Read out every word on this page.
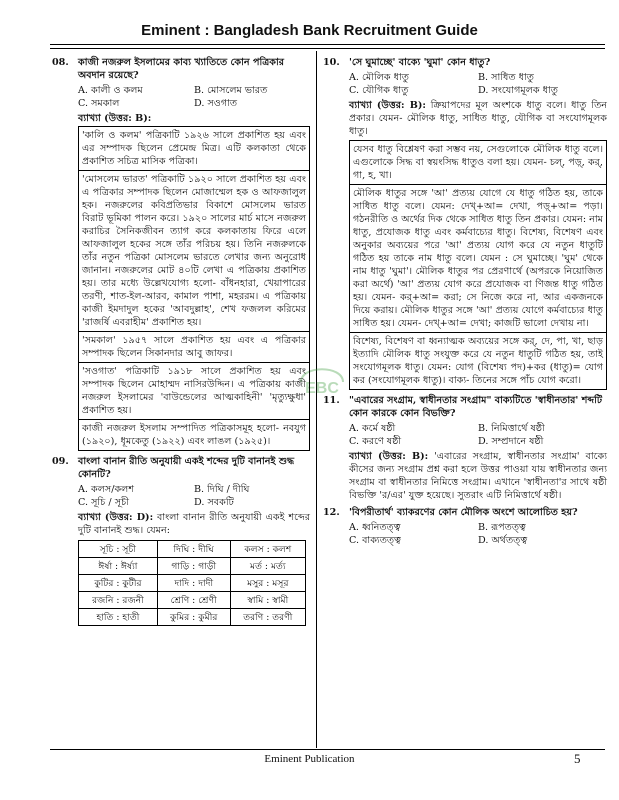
Eminent : Bangladesh Bank Recruitment Guide
EBC
08. কাজী নজরুল ইসলামের কাব্য খ্যাতিতে কোন পত্রিকার অবদান রয়েছে?
A. কালী ও কলম	B. মোসলেম ভারত
C. সমকাল	D. সওগাত
ব্যাখ্যা (উত্তর: B):
'কালি ও কলম' পত্রিকাটি ১৯২৬ সালে প্রকাশিত হয় এবং এর সম্পাদক ছিলেন প্রেমেন্দ্র মিত্র। এটি কলকাতা থেকে প্রকাশিত সচিত্র মাসিক পত্রিকা।
'মোসলেম ভারত' পত্রিকাটি ১৯২০ সালে প্রকাশিত হয় এবং এ পত্রিকার সম্পাদক ছিলেন মোজাম্মেল হক ও আফজালুল হক। নজরুলের কবিপ্রতিভার বিকাশে মোসলেম ভারত বিরাট ভূমিকা পালন করে। ১৯২০ সালের মার্চ মাসে নজরুল করাচির সৈনিকজীবন ত্যাগ করে কলকাতায় ফিরে এলে আফজালুল হকের সঙ্গে তাঁর পরিচয় হয়। তিনি নজরুলকে তাঁর নতুন পত্রিকা মোসলেম ভারতে লেখার জন্য অনুরোধ জানান। নজরুলের মোট ৪০টি লেখা এ পত্রিকায় প্রকাশিত হয়। তার মধ্যে উল্লেখযোগ্য হলো- বাঁধনহারা, খেয়াপারের তরণী, শাত-ইল-আরব, কামাল পাশা, মহররম। এ পত্রিকায় কাজী ইমদাদুল হকের 'আবদুল্লাহ', শেখ ফজলল করিমের 'রাজর্ষি এবরাহীম' প্রকাশিত হয়।
'সমকাল' ১৯৫৭ সালে প্রকাশিত হয় এবং এ পত্রিকার সম্পাদক ছিলেন সিকানদার আবু জাফর।
'সওগাত' পত্রিকাটি ১৯১৮ সালে প্রকাশিত হয় এবং সম্পাদক ছিলেন মোহাম্মদ নাসিরউদ্দিন। এ পত্রিকায় কাজী নজরুল ইসলামের 'বাউন্ডেলের আত্মকাহিনী' 'মৃত্যুক্ষুধা' প্রকাশিত হয়।
কাজী নজরুল ইসলাম সম্পাদিত পত্রিকাসমূহ হলো- নবযুগ (১৯২০), ধূমকেতু (১৯২২) এবং লাঙল (১৯২৫)।
09. বাংলা বানান রীতি অনুযায়ী একই শব্দের দুটি বানানই শুদ্ধ কোনটি?
A. কলস/কলশ	B. দিঘি / দীঘি
C. সূচি / সূচী	D. সবকটি
ব্যাখ্যা (উত্তর: D): বাংলা বানান রীতি অনুযায়ী একই শব্দের দুটি বানানই শুদ্ধ। যেমন:
সূচি : সূচী	দিঘি : দীঘি	কলস : কলশ
ঈর্ষা : ঈর্ষ্যা	গাড়ি : গাড়ী	মর্ত : মর্ত্য
কুটির : কুটীর	দাদি : দাদী	মসুর : মসূর
রজনি : রজনী	শ্রেণি : শ্রেণী	স্বামি : স্বামী
হাতি : হাতী	কুমির : কুমীর	তরণি : তরণী
10. 'সে ঘুমাচ্ছে' বাক্যে 'ঘুমা' কোন ধাতু?
A. মৌলিক ধাতু	B. সাধিত ধাতু
C. যৌগিক ধাতু	D. সংযোগমূলক ধাতু
ব্যাখ্যা (উত্তর: B): ক্রিয়াপদের মূল অংশকে ধাতু বলে। ধাতু তিন প্রকার। যেমন- মৌলিক ধাতু, সাধিত ধাতু, যৌগিক বা সংযোগমূলক ধাতু।
যেসব ধাতু বিশ্লেষণ করা সম্ভব নয়, সেগুলোকে মৌলিক ধাতু বলে। এগুলোকে সিদ্ধ বা স্বয়ংসিদ্ধ ধাতুও বলা হয়। যেমন- চল্, পড়্, কর্, গা, হ, খা।
মৌলিক ধাতুর সঙ্গে 'আ' প্রত্যয় যোগে যে ধাতু গঠিত হয়, তাকে সাধিত ধাতু বলে। যেমন: দেখ্+আ= দেখা, পড়্+আ= পড়া। গঠনরীতি ও অর্থের দিক থেকে সাধিত ধাতু তিন প্রকার। যেমন: নাম ধাতু, প্রযোজক ধাতু এবং কর্মবাচ্যের ধাতু। বিশেষ্য, বিশেষণ এবং অনুকার অব্যয়ের পরে 'আ' প্রত্যয় যোগ করে যে নতুন ধাতুটি গঠিত হয় তাকে নাম ধাতু বলে। যেমন : সে ঘুমাচ্ছে। 'ঘুম' থেকে নাম ধাতু 'ঘুমা'। মৌলিক ধাতুর পর প্রেরণার্থে (অপরকে নিয়োজিত করা অর্থে) 'আ' প্রত্যয় যোগ করে প্রযোজক বা ণিজন্ত ধাতু গঠিত হয়। যেমন- কর্+আ= করা; সে নিজে করে না, আর একজনকে দিয়ে করায়। মৌলিক ধাতুর সঙ্গে 'আ' প্রত্যয় যোগে কর্মবাচ্যের ধাতু সাধিত হয়। যেমন- দেখ্+আ= দেখা; কাজটি ভালো দেখায় না।
বিশেষ্য, বিশেষণ বা ধ্বন্যাত্মক অব্যয়ের সঙ্গে কর্, দে, পা, খা, ছাড় ইত্যাদি মৌলিক ধাতু সংযুক্ত করে যে নতুন ধাতুটি গঠিত হয়, তাই সংযোগমূলক ধাতু। যেমন: যোগ (বিশেষ্য পদ)+কর (ধাতু)= যোগ কর (সংযোগমূলক ধাতু)। বাক্য- তিনের সঙ্গে পাঁচ যোগ করো।
11. "এবারের সংগ্রাম, স্বাধীনতার সংগ্রাম" বাক্যটিতে 'স্বাধীনতার' শব্দটি কোন কারকে কোন বিভক্তি?
A. কর্মে ষষ্ঠী	B. নিমিত্তার্থে ষষ্ঠী
C. করণে ষষ্ঠী	D. সম্প্রদানে ষষ্ঠী
ব্যাখ্যা (উত্তর: B): 'এবারের সংগ্রাম, স্বাধীনতার সংগ্রাম' বাক্যে কীসের জন্য সংগ্রাম প্রশ্ন করা হলে উত্তর পাওয়া যায় স্বাধীনতার জন্য সংগ্রাম বা স্বাধীনতার নিমিত্তে সংগ্রাম। এখানে 'স্বাধীনতা'র সাথে ষষ্ঠী বিভক্তি 'র/এর' যুক্ত হয়েছে। সুতরাং এটি নিমিত্তার্থে ষষ্ঠী।
12. 'বিপরীতার্থ' ব্যাকরণের কোন মৌলিক অংশে আলোচিত হয়?
A. ধ্বনিতত্ত্ব	B. রূপতত্ত্ব
C. বাক্যতত্ত্ব	D. অর্থতত্ত্ব
Eminent Publication	5
